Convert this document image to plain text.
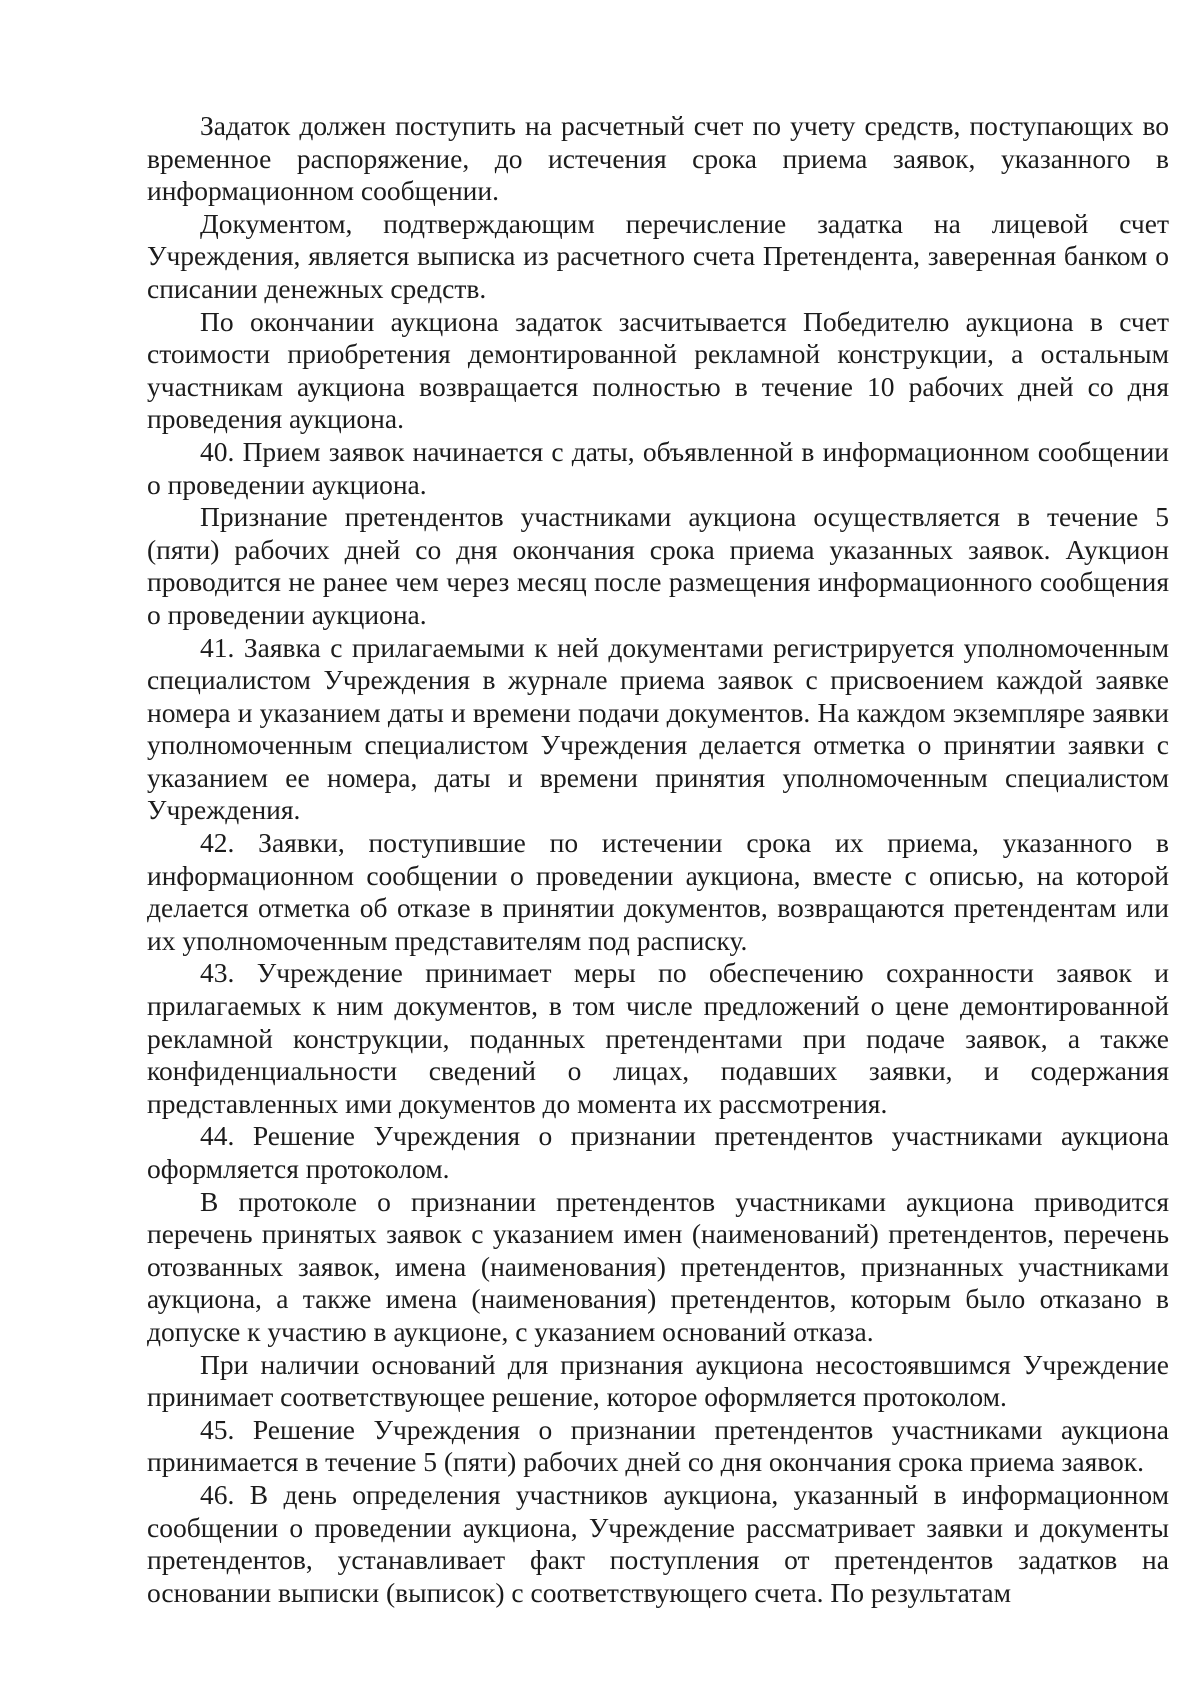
Задаток должен поступить на расчетный счет по учету средств, поступающих во временное распоряжение, до истечения срока приема заявок, указанного в информационном сообщении.

Документом, подтверждающим перечисление задатка на лицевой счет Учреждения, является выписка из расчетного счета Претендента, заверенная банком о списании денежных средств.

По окончании аукциона задаток засчитывается Победителю аукциона в счет стоимости приобретения демонтированной рекламной конструкции, а остальным участникам аукциона возвращается полностью в течение 10 рабочих дней со дня проведения аукциона.

40. Прием заявок начинается с даты, объявленной в информационном сообщении о проведении аукциона.

Признание претендентов участниками аукциона осуществляется в течение 5 (пяти) рабочих дней со дня окончания срока приема указанных заявок. Аукцион проводится не ранее чем через месяц после размещения информационного сообщения о проведении аукциона.

41. Заявка с прилагаемыми к ней документами регистрируется уполномоченным специалистом Учреждения в журнале приема заявок с присвоением каждой заявке номера и указанием даты и времени подачи документов. На каждом экземпляре заявки уполномоченным специалистом Учреждения делается отметка о принятии заявки с указанием ее номера, даты и времени принятия уполномоченным специалистом Учреждения.

42. Заявки, поступившие по истечении срока их приема, указанного в информационном сообщении о проведении аукциона, вместе с описью, на которой делается отметка об отказе в принятии документов, возвращаются претендентам или их уполномоченным представителям под расписку.

43. Учреждение принимает меры по обеспечению сохранности заявок и прилагаемых к ним документов, в том числе предложений о цене демонтированной рекламной конструкции, поданных претендентами при подаче заявок, а также конфиденциальности сведений о лицах, подавших заявки, и содержания представленных ими документов до момента их рассмотрения.

44. Решение Учреждения о признании претендентов участниками аукциона оформляется протоколом.

В протоколе о признании претендентов участниками аукциона приводится перечень принятых заявок с указанием имен (наименований) претендентов, перечень отозванных заявок, имена (наименования) претендентов, признанных участниками аукциона, а также имена (наименования) претендентов, которым было отказано в допуске к участию в аукционе, с указанием оснований отказа.

При наличии оснований для признания аукциона несостоявшимся Учреждение принимает соответствующее решение, которое оформляется протоколом.

45. Решение Учреждения о признании претендентов участниками аукциона принимается в течение 5 (пяти) рабочих дней со дня окончания срока приема заявок.

46. В день определения участников аукциона, указанный в информационном сообщении о проведении аукциона, Учреждение рассматривает заявки и документы претендентов, устанавливает факт поступления от претендентов задатков на основании выписки (выписок) с соответствующего счета. По результатам
